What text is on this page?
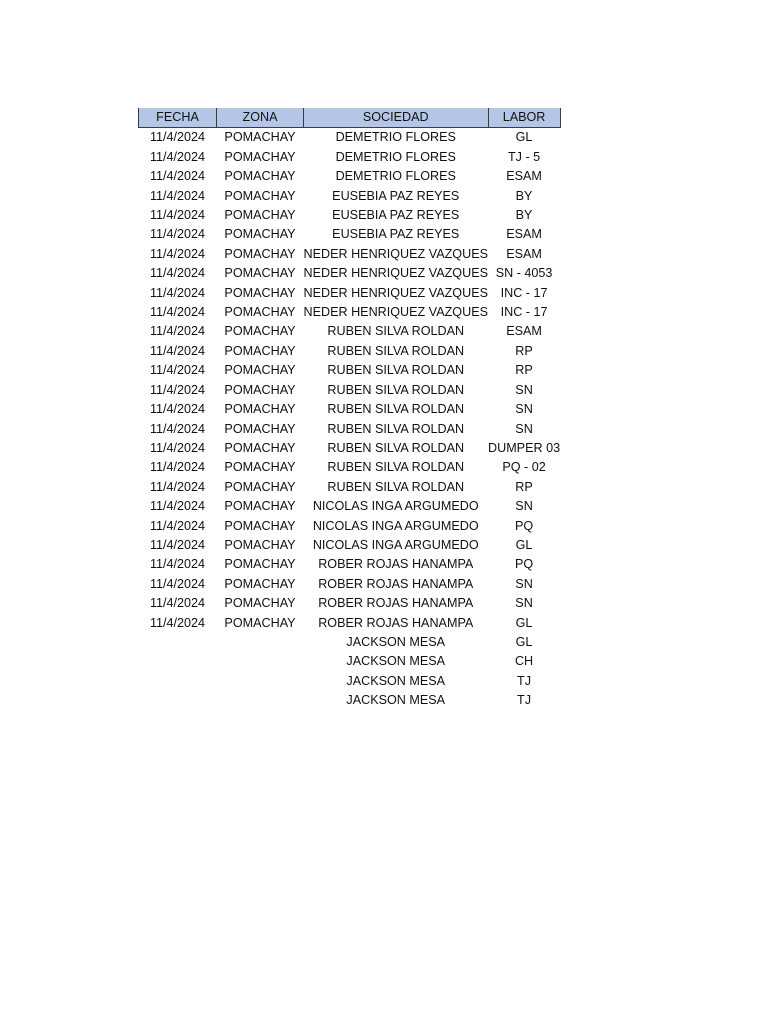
FECHA	ZONA	SOCIEDAD	LABOR
11/4/2024	POMACHAY	DEMETRIO FLORES	GL
11/4/2024	POMACHAY	DEMETRIO FLORES	TJ - 5
11/4/2024	POMACHAY	DEMETRIO FLORES	ESAM
11/4/2024	POMACHAY	EUSEBIA PAZ REYES	BY
11/4/2024	POMACHAY	EUSEBIA PAZ REYES	BY
11/4/2024	POMACHAY	EUSEBIA PAZ REYES	ESAM
11/4/2024	POMACHAY	NEDER HENRIQUEZ VAZQUES	ESAM
11/4/2024	POMACHAY	NEDER HENRIQUEZ VAZQUES	SN - 4053
11/4/2024	POMACHAY	NEDER HENRIQUEZ VAZQUES	INC - 17
11/4/2024	POMACHAY	NEDER HENRIQUEZ VAZQUES	INC - 17
11/4/2024	POMACHAY	RUBEN SILVA ROLDAN	ESAM
11/4/2024	POMACHAY	RUBEN SILVA ROLDAN	RP
11/4/2024	POMACHAY	RUBEN SILVA ROLDAN	RP
11/4/2024	POMACHAY	RUBEN SILVA ROLDAN	SN
11/4/2024	POMACHAY	RUBEN SILVA ROLDAN	SN
11/4/2024	POMACHAY	RUBEN SILVA ROLDAN	SN
11/4/2024	POMACHAY	RUBEN SILVA ROLDAN	DUMPER 03
11/4/2024	POMACHAY	RUBEN SILVA ROLDAN	PQ - 02
11/4/2024	POMACHAY	RUBEN SILVA ROLDAN	RP
11/4/2024	POMACHAY	NICOLAS INGA ARGUMEDO	SN
11/4/2024	POMACHAY	NICOLAS INGA ARGUMEDO	PQ
11/4/2024	POMACHAY	NICOLAS INGA ARGUMEDO	GL
11/4/2024	POMACHAY	ROBER ROJAS HANAMPA	PQ
11/4/2024	POMACHAY	ROBER ROJAS HANAMPA	SN
11/4/2024	POMACHAY	ROBER ROJAS HANAMPA	SN
11/4/2024	POMACHAY	ROBER ROJAS HANAMPA	GL
		JACKSON MESA	GL
		JACKSON MESA	CH
		JACKSON MESA	TJ
		JACKSON MESA	TJ
